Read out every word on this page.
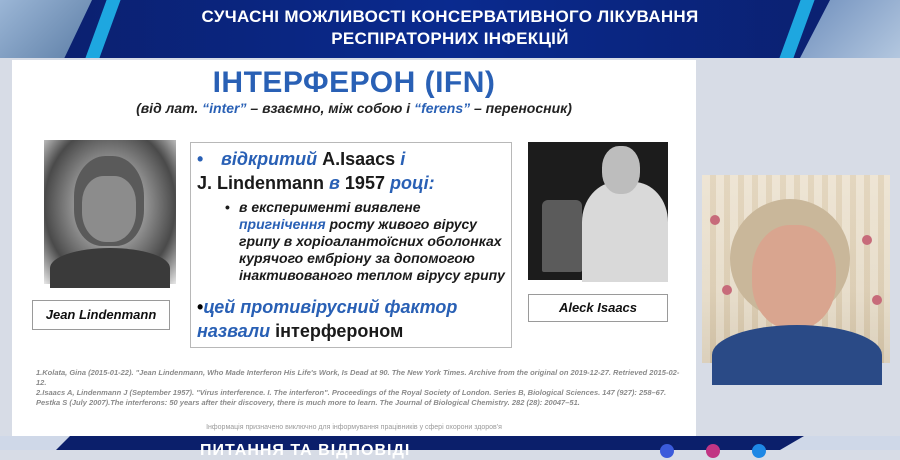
СУЧАСНІ МОЖЛИВОСТІ КОНСЕРВАТИВНОГО ЛІКУВАННЯ
РЕСПІРАТОРНИХ ІНФЕКЦІЙ
ІНТЕРФЕРОН (IFN)
(від лат. “inter” – взаємно, між собою і “ferens” – переносник)
Jean Lindenmann	Aleck Isaacs
• відкритий A.Isaacs і
J. Lindenmann в 1957 році:
• в експерименті виявлене пригнічення росту живого вірусу грипу в хоріоалантоїсних оболонках курячого ембріону за допомогою інактивованого теплом вірусу грипу
•цей противірусний фактор назвали інтерфероном
1.Kolata, Gina (2015-01-22). "Jean Lindenmann, Who Made Interferon His Life's Work, Is Dead at 90. The New York Times. Archive from the original on 2019-12-27. Retrieved 2015-02-12.
2.Isaacs A, Lindenmann J (September 1957). "Virus interference. I. The interferon". Proceedings of the Royal Society of London. Series B, Biological Sciences. 147 (927): 258–67.
Pestka S (July 2007).The interferons: 50 years after their discovery, there is much more to learn. The Journal of Biological Chemistry. 282 (28): 20047–51.
Інформація призначено виключно для інформування працівників у сфері охорони здоров'я
ПИТАННЯ ТА ВІДПОВІДІ
